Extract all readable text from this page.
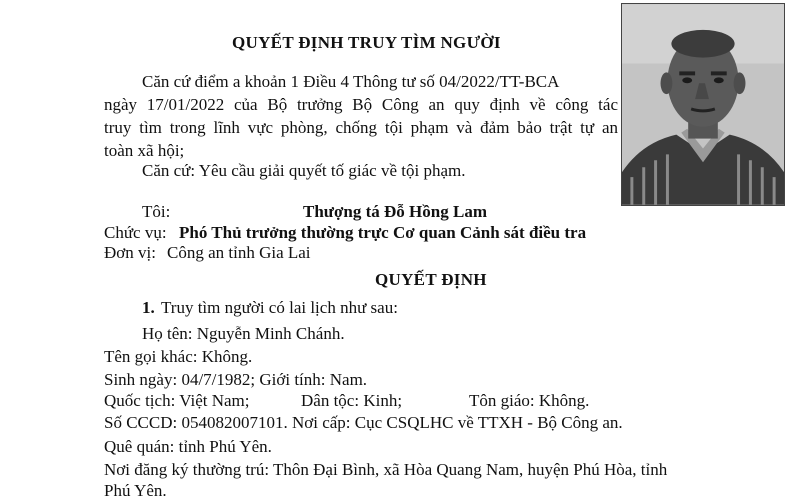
QUYẾT ĐỊNH TRUY TÌM NGƯỜI
Căn cứ điểm a khoản 1 Điều 4 Thông tư số 04/2022/TT-BCA
ngày 17/01/2022 của Bộ trưởng Bộ Công an quy định về công tác
truy tìm trong lĩnh vực phòng, chống tội phạm và đảm bảo trật tự an
toàn xã hội;
Căn cứ: Yêu cầu giải quyết tố giác về tội phạm.
Tôi:	Thượng tá Đỗ Hồng Lam
Chức vụ: Phó Thủ trưởng thường trực Cơ quan Cảnh sát điều tra
Đơn vị: Công an tỉnh Gia Lai
QUYẾT ĐỊNH
1. Truy tìm người có lai lịch như sau:
Họ tên: Nguyễn Minh Chánh.
Tên gọi khác: Không.
Sinh ngày: 04/7/1982; Giới tính: Nam.
Quốc tịch: Việt Nam;	Dân tộc: Kinh;	Tôn giáo: Không.
Số CCCD: 054082007101. Nơi cấp: Cục CSQLHC về TTXH - Bộ Công an.
Quê quán: tỉnh Phú Yên.
Nơi đăng ký thường trú: Thôn Đại Bình, xã Hòa Quang Nam, huyện Phú Hòa, tỉnh
Phú Yên.
